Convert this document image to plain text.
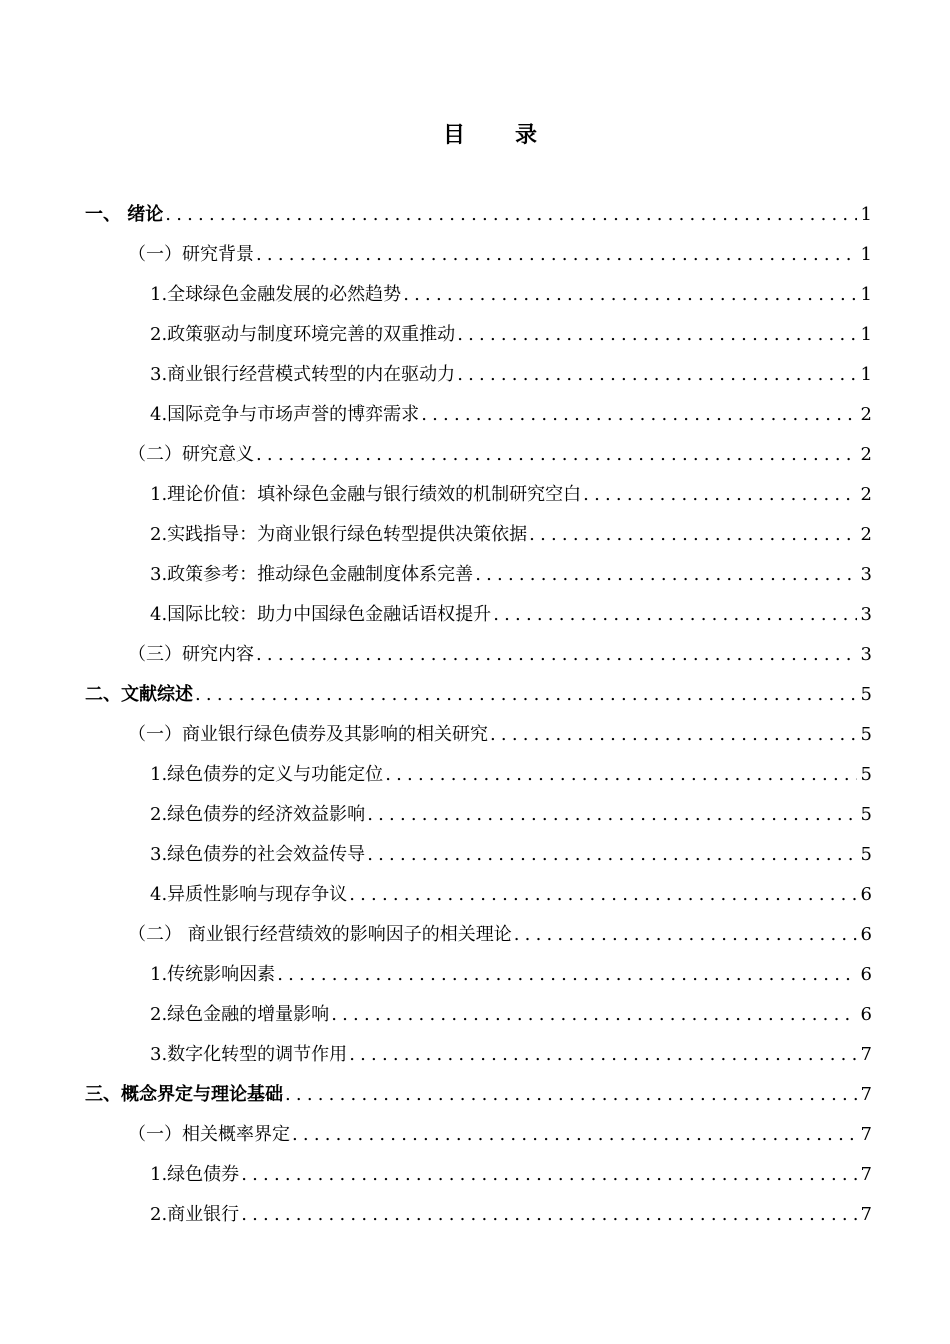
目 录
一、 绪论 .....	1
（一）研究背景 .....	1
1.全球绿色金融发展的必然趋势 .....	1
2.政策驱动与制度环境完善的双重推动 .....	1
3.商业银行经营模式转型的内在驱动力 .....	1
4.国际竞争与市场声誉的博弈需求 .....	2
（二）研究意义 .....	2
1.理论价值：填补绿色金融与银行绩效的机制研究空白 .....	2
2.实践指导：为商业银行绿色转型提供决策依据 .....	2
3.政策参考：推动绿色金融制度体系完善 .....	3
4.国际比较：助力中国绿色金融话语权提升 .....	3
（三）研究内容 .....	3
二、文献综述 .....	5
（一）商业银行绿色债券及其影响的相关研究 .....	5
1.绿色债券的定义与功能定位 .....	5
2.绿色债券的经济效益影响 .....	5
3.绿色债券的社会效益传导 .....	5
4.异质性影响与现存争议 .....	6
（二） 商业银行经营绩效的影响因子的相关理论 .....	6
1.传统影响因素 .....	6
2.绿色金融的增量影响 .....	6
3.数字化转型的调节作用 .....	7
三、概念界定与理论基础 .....	7
（一）相关概率界定 .....	7
1.绿色债券 .....	7
2.商业银行 .....	7
